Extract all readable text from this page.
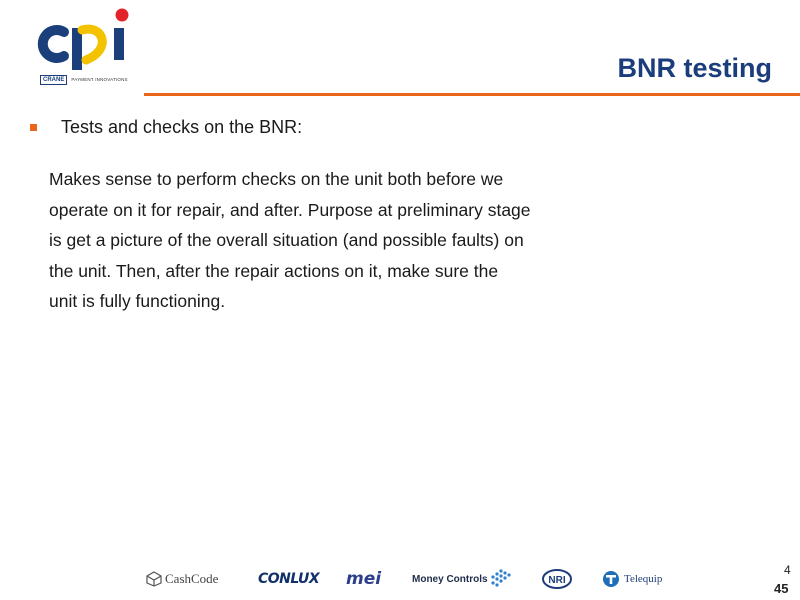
CRANE	PAYMENT INNOVATIONS	BNR testing
Tests and checks on the BNR:
Makes sense to perform checks on the unit both before we
operate on it for repair, and after. Purpose at preliminary stage
is get a picture of the overall situation (and possible faults) on
the unit. Then, after the repair actions on it, make sure the
unit is fully functioning.
CashCode	CONLUX mei	Money Controls	NRI	Telequip
4
45
